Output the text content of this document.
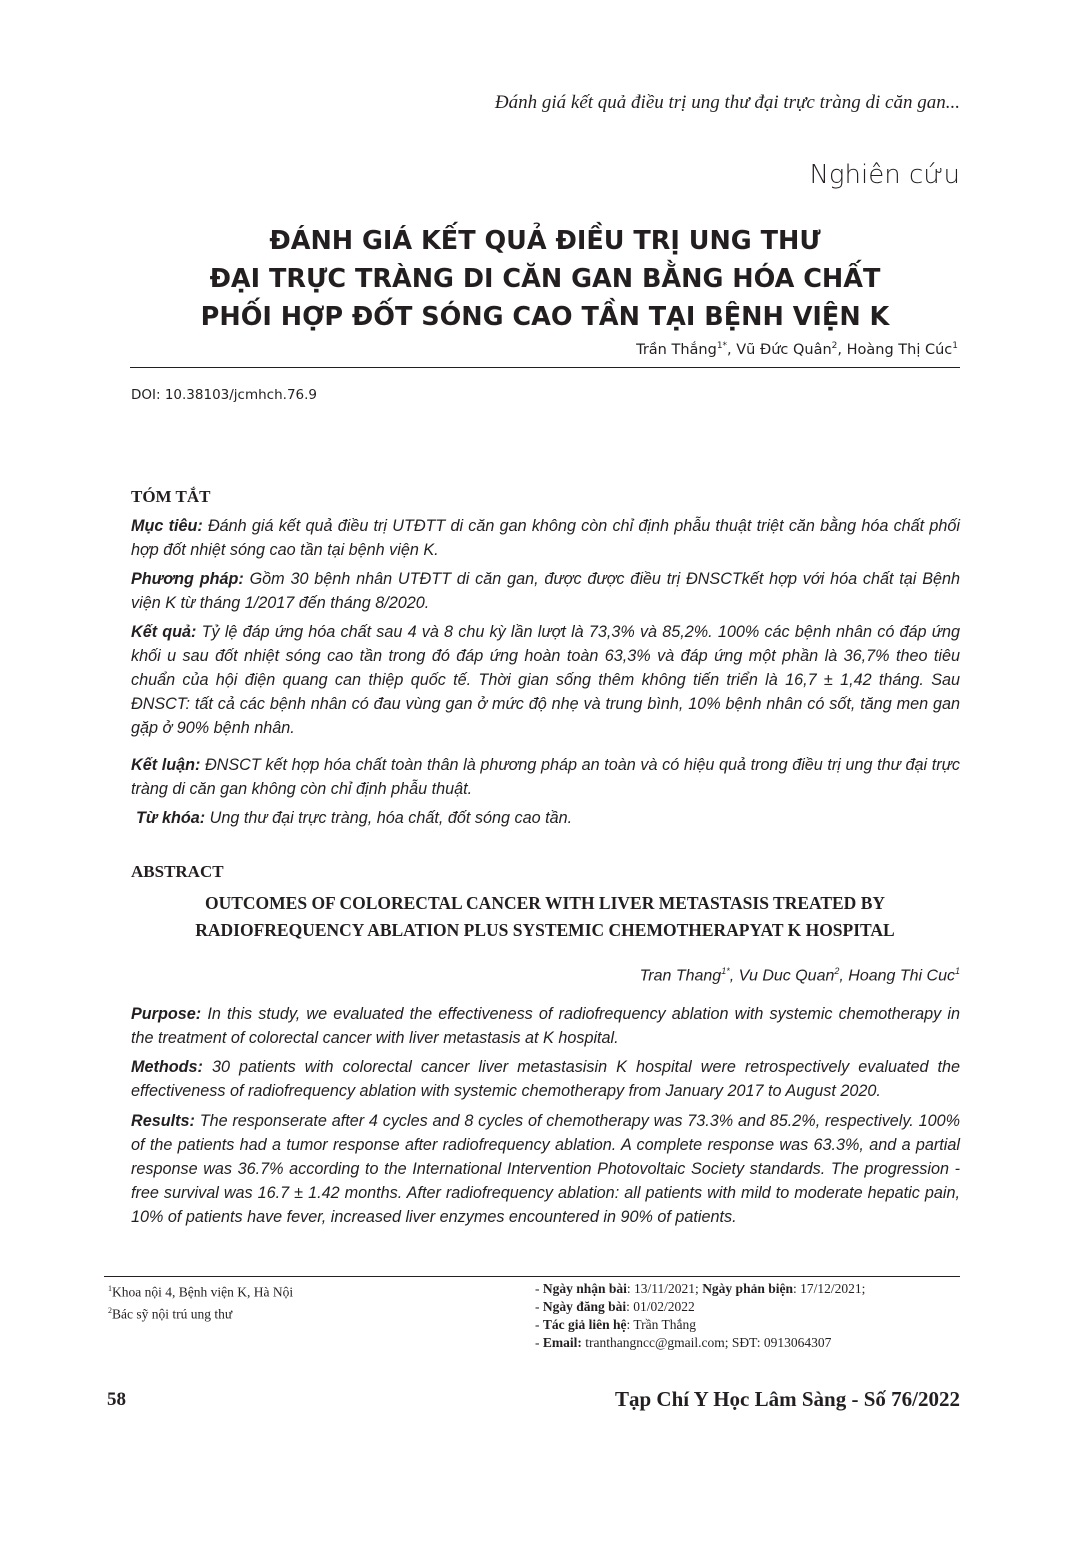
Đánh giá kết quả điều trị ung thư đại trực tràng di căn gan...
Nghiên cứu
ĐÁNH GIÁ KẾT QUẢ ĐIỀU TRỊ UNG THƯ
ĐẠI TRỰC TRÀNG DI CĂN GAN BẰNG HÓA CHẤT
PHỐI HỢP ĐỐT SÓNG CAO TẦN TẠI BỆNH VIỆN K
Trần Thắng$^{1*}$, Vũ Đức Quân$^2$, Hoàng Thị Cúc$^1$
DOI: 10.38103/jcmhch.76.9
TÓM TẮT
Mục tiêu: Đánh giá kết quả điều trị UTĐTT di căn gan không còn chỉ định phẫu thuật triệt căn bằng hóa chất phối hợp đốt nhiệt sóng cao tần tại bệnh viện K.
Phương pháp: Gồm 30 bệnh nhân UTĐTT di căn gan, được được điều trị ĐNSCTkết hợp với hóa chất tại Bệnh viện K từ tháng 1/2017 đến tháng 8/2020.
Kết quả: Tỷ lệ đáp ứng hóa chất sau 4 và 8 chu kỳ lần lượt là 73,3% và 85,2%. 100% các bệnh nhân có đáp ứng khối u sau đốt nhiệt sóng cao tần trong đó đáp ứng hoàn toàn 63,3% và đáp ứng một phần là 36,7% theo tiêu chuẩn của hội điện quang can thiệp quốc tế. Thời gian sống thêm không tiến triển là 16,7 ± 1,42 tháng. Sau ĐNSCT: tất cả các bệnh nhân có đau vùng gan ở mức độ nhẹ và trung bình, 10% bệnh nhân có sốt, tăng men gan gặp ở 90% bệnh nhân.
Kết luận: ĐNSCT kết hợp hóa chất toàn thân là phương pháp an toàn và có hiệu quả trong điều trị ung thư đại trực tràng di căn gan không còn chỉ định phẫu thuật.
Từ khóa: Ung thư đại trực tràng, hóa chất, đốt sóng cao tần.
ABSTRACT
OUTCOMES OF COLORECTAL CANCER WITH LIVER METASTASIS TREATED BY
RADIOFREQUENCY ABLATION PLUS SYSTEMIC CHEMOTHERAPYAT K HOSPITAL
Tran Thang$^{1*}$, Vu Duc Quan$^2$, Hoang Thi Cuc$^1$
Purpose: In this study, we evaluated the effectiveness of radiofrequency ablation with systemic chemotherapy in the treatment of colorectal cancer with liver metastasis at K hospital.
Methods: 30 patients with colorectal cancer liver metastasisin K hospital were retrospectively evaluated the effectiveness of radiofrequency ablation with systemic chemotherapy from January 2017 to August 2020.
Results: The responserate after 4 cycles and 8 cycles of chemotherapy was 73.3% and 85.2%, respectively. 100% of the patients had a tumor response after radiofrequency ablation. A complete response was 63.3%, and a partial response was 36.7% according to the International Intervention Photovoltaic Society standards. The progression - free survival was 16.7 ± 1.42 months. After radiofrequency ablation: all patients with mild to moderate hepatic pain, 10% of patients have fever, increased liver enzymes encountered in 90% of patients.
$^1$Khoa nội 4, Bệnh viện K, Hà Nội
$^2$Bác sỹ nội trú ung thư
- Ngày nhận bài: 13/11/2021; Ngày phản biện: 17/12/2021;
- Ngày đăng bài: 01/02/2022
- Tác giả liên hệ: Trần Thắng
- Email: tranthangncc@gmail.com; SĐT: 0913064307
58	Tạp Chí Y Học Lâm Sàng - Số 76/2022
